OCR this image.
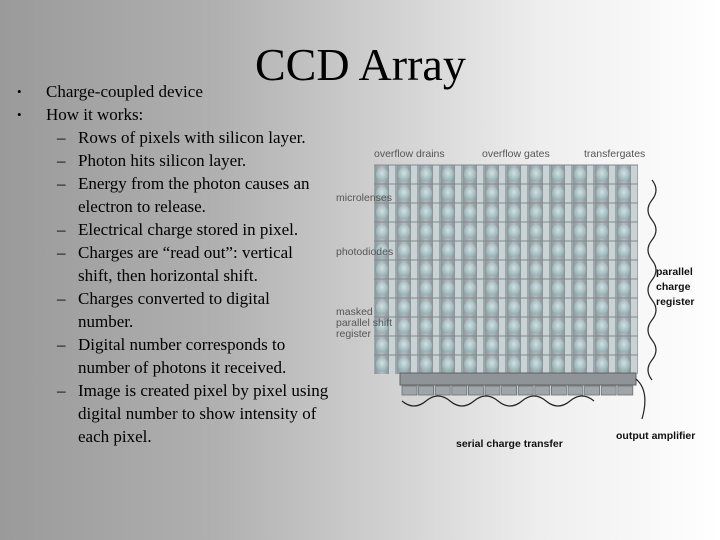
CCD Array
• Charge-coupled device
• How it works:
– Rows of pixels with silicon layer.
– Photon hits silicon layer.
– Energy from the photon causes an electron to release.
– Electrical charge stored in pixel.
– Charges are “read out”: vertical shift, then horizontal shift.
– Charges converted to digital number.
– Digital number corresponds to number of photons it received.
– Image is created pixel by pixel using digital number to show intensity of each pixel.
overflow drains	overflow gates	transfergates
microlenses
photodiodes
masked
parallel shift
register
parallel
charge
register
serial charge transfer
output amplifier
